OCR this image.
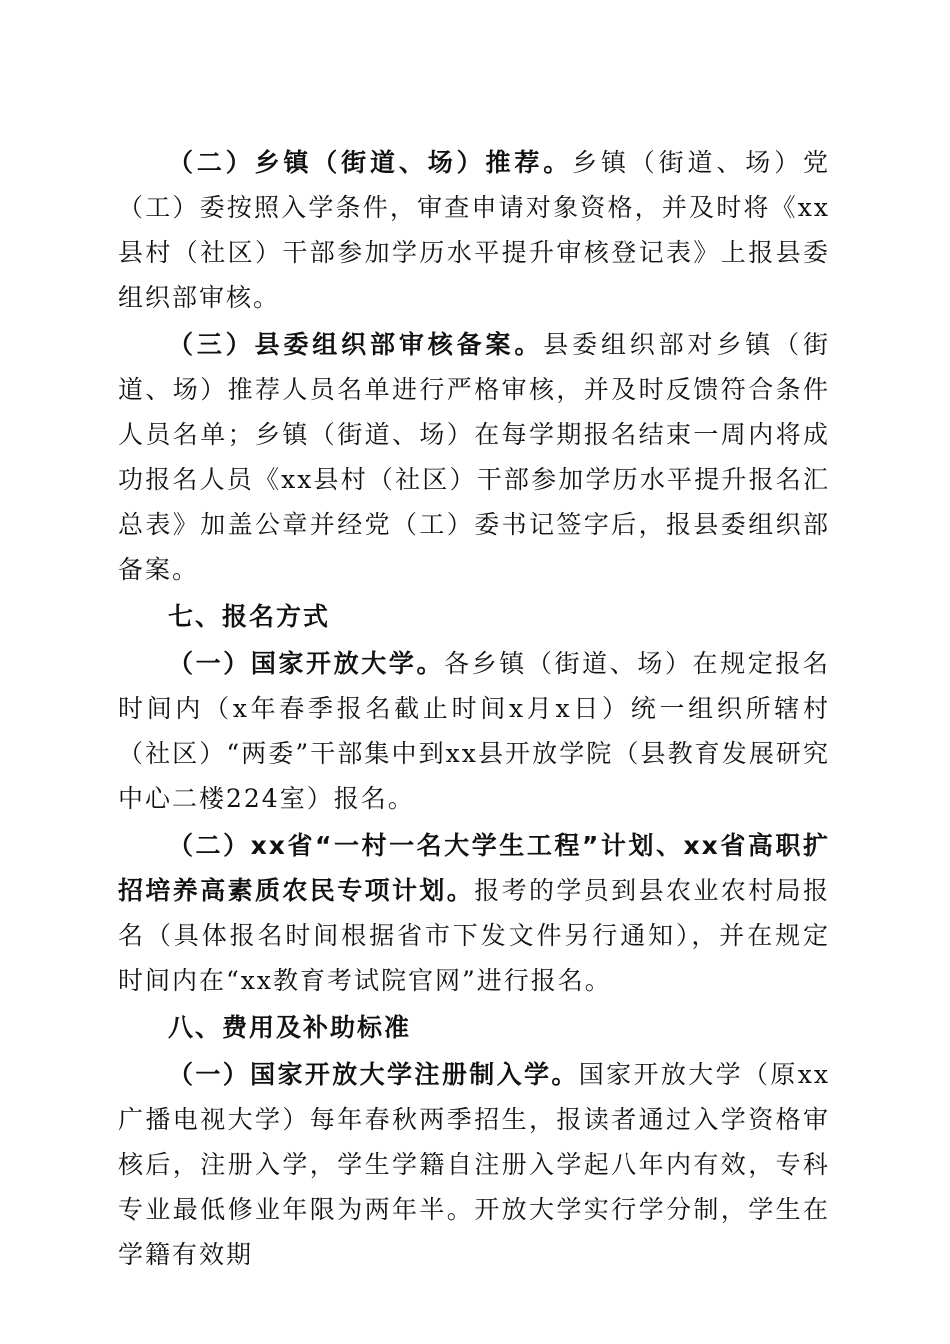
（二）乡镇（街道、场）推荐。乡镇（街道、场）党（工）委按照入学条件，审查申请对象资格，并及时将《xx县村（社区）干部参加学历水平提升审核登记表》上报县委组织部审核。

（三）县委组织部审核备案。县委组织部对乡镇（街道、场）推荐人员名单进行严格审核，并及时反馈符合条件人员名单；乡镇（街道、场）在每学期报名结束一周内将成功报名人员《xx县村（社区）干部参加学历水平提升报名汇总表》加盖公章并经党（工）委书记签字后，报县委组织部备案。

七、报名方式

（一）国家开放大学。各乡镇（街道、场）在规定报名时间内（x年春季报名截止时间x月x日）统一组织所辖村（社区）“两委”干部集中到xx县开放学院（县教育发展研究中心二楼224室）报名。

（二）xx省“一村一名大学生工程”计划、xx省高职扩招培养高素质农民专项计划。报考的学员到县农业农村局报名（具体报名时间根据省市下发文件另行通知），并在规定时间内在“xx教育考试院官网”进行报名。

八、费用及补助标准

（一）国家开放大学注册制入学。国家开放大学（原xx广播电视大学）每年春秋两季招生，报读者通过入学资格审核后，注册入学，学生学籍自注册入学起八年内有效，专科专业最低修业年限为两年半。开放大学实行学分制，学生在学籍有效期
